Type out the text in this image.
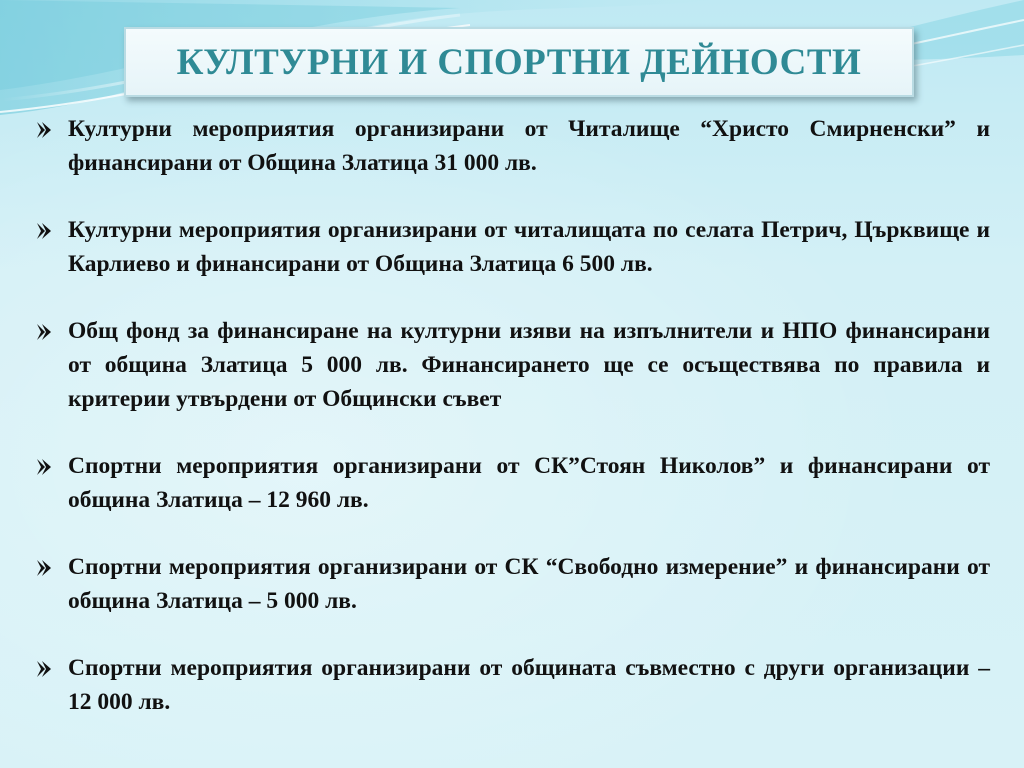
КУЛТУРНИ И СПОРТНИ ДЕЙНОСТИ
Културни мероприятия организирани от Читалище “Христо Смирненски” и финансирани от Община Златица 31 000 лв.
Културни мероприятия организирани от читалищата по селата Петрич, Църквище и Карлиево и финансирани от Община Златица 6 500 лв.
Общ фонд за финансиране на културни изяви на изпълнители и НПО финансирани от община Златица 5 000 лв. Финансирането ще се осъществява по правила и критерии утвърдени от Общински съвет
Спортни мероприятия организирани от СК”Стоян Николов” и финансирани от община Златица – 12 960 лв.
Спортни мероприятия организирани от СК “Свободно измерение” и финансирани от община Златица – 5 000 лв.
Спортни мероприятия организирани от общината съвместно с други организации – 12 000 лв.
